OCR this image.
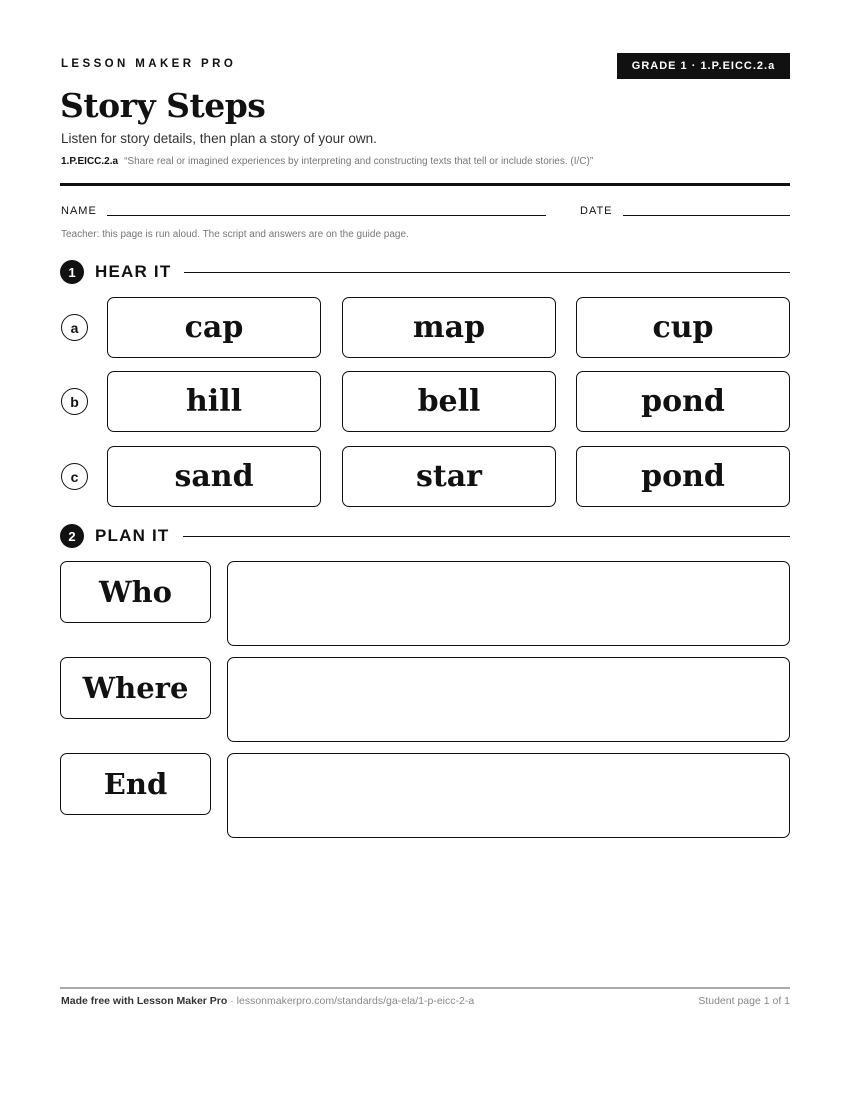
LESSON MAKER PRO	GRADE 1 · 1.P.EICC.2.a
Story Steps
Listen for story details, then plan a story of your own.
1.P.EICC.2.a “Share real or imagined experiences by interpreting and constructing texts that tell or include stories. (I/C)”
NAME	DATE
Teacher: this page is run aloud. The script and answers are on the guide page.
1	HEAR IT
a	cap	map	cup
b	hill	bell	pond
c	sand	star	pond
2	PLAN IT
Who
Where
End
Made free with Lesson Maker Pro · lessonmakerpro.com/standards/ga-ela/1-p-eicc-2-a	Student page 1 of 1
